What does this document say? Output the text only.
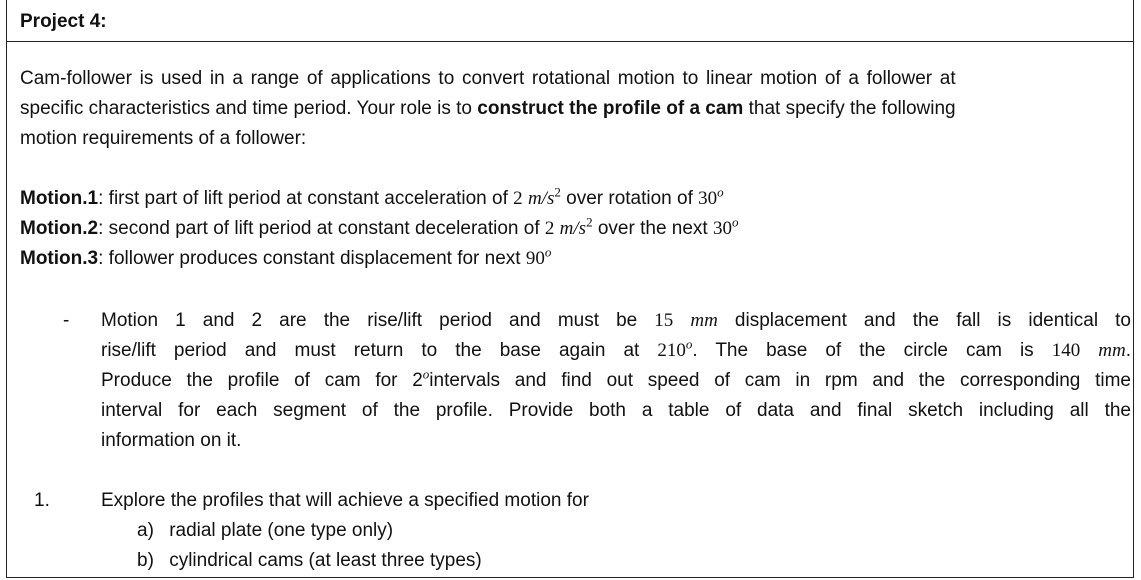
Project 4:
Cam-follower is used in a range of applications to convert rotational motion to linear motion of a follower at
specific characteristics and time period. Your role is to construct the profile of a cam that specify the following
motion requirements of a follower:
Motion.1: first part of lift period at constant acceleration of 2 $m/s^2$ over rotation of 30$^o$
Motion.2: second part of lift period at constant deceleration of 2 $m/s^2$ over the next 30$^o$
Motion.3: follower produces constant displacement for next 90$^o$
- Motion 1 and 2 are the rise/lift period and must be 15 mm displacement and the fall is identical to
rise/lift period and must return to the base again at 210$^o$. The base of the circle cam is 140 mm.
Produce the profile of cam for 2$^o$intervals and find out speed of cam in rpm and the corresponding time
interval for each segment of the profile. Provide both a table of data and final sketch including all the
information on it.
1.	Explore the profiles that will achieve a specified motion for
a) radial plate (one type only)
b) cylindrical cams (at least three types)
